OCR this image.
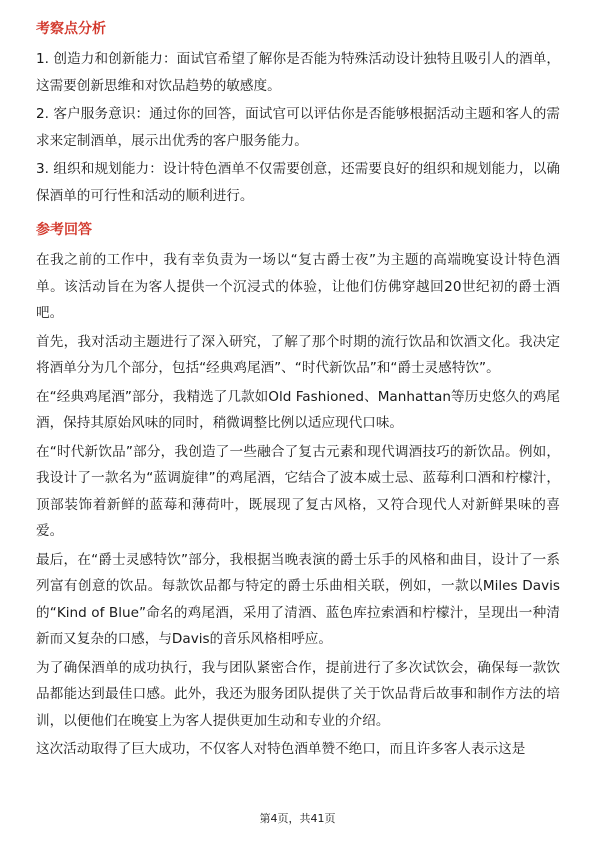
考察点分析

1. 创造力和创新能力：面试官希望了解你是否能为特殊活动设计独特且吸引人的酒单，这需要创新思维和对饮品趋势的敏感度。

2. 客户服务意识：通过你的回答，面试官可以评估你是否能够根据活动主题和客人的需求来定制酒单，展示出优秀的客户服务能力。

3. 组织和规划能力：设计特色酒单不仅需要创意，还需要良好的组织和规划能力，以确保酒单的可行性和活动的顺利进行。

参考回答

在我之前的工作中，我有幸负责为一场以“复古爵士夜”为主题的高端晚宴设计特色酒单。该活动旨在为客人提供一个沉浸式的体验，让他们仿佛穿越回20世纪初的爵士酒吧。

首先，我对活动主题进行了深入研究，了解了那个时期的流行饮品和饮酒文化。我决定将酒单分为几个部分，包括“经典鸡尾酒”、“时代新饮品”和“爵士灵感特饮”。

在“经典鸡尾酒”部分，我精选了几款如Old Fashioned、Manhattan等历史悠久的鸡尾酒，保持其原始风味的同时，稍微调整比例以适应现代口味。

在“时代新饮品”部分，我创造了一些融合了复古元素和现代调酒技巧的新饮品。例如，我设计了一款名为“蓝调旋律”的鸡尾酒，它结合了波本威士忌、蓝莓利口酒和柠檬汁，顶部装饰着新鲜的蓝莓和薄荷叶，既展现了复古风格，又符合现代人对新鲜果味的喜爱。

最后，在“爵士灵感特饮”部分，我根据当晚表演的爵士乐手的风格和曲目，设计了一系列富有创意的饮品。每款饮品都与特定的爵士乐曲相关联，例如，一款以Miles Davis的“Kind of Blue”命名的鸡尾酒，采用了清酒、蓝色库拉索酒和柠檬汁，呈现出一种清新而又复杂的口感，与Davis的音乐风格相呼应。

为了确保酒单的成功执行，我与团队紧密合作，提前进行了多次试饮会，确保每一款饮品都能达到最佳口感。此外，我还为服务团队提供了关于饮品背后故事和制作方法的培训，以便他们在晚宴上为客人提供更加生动和专业的介绍。

这次活动取得了巨大成功，不仅客人对特色酒单赞不绝口，而且许多客人表示这是

第4页，共41页
